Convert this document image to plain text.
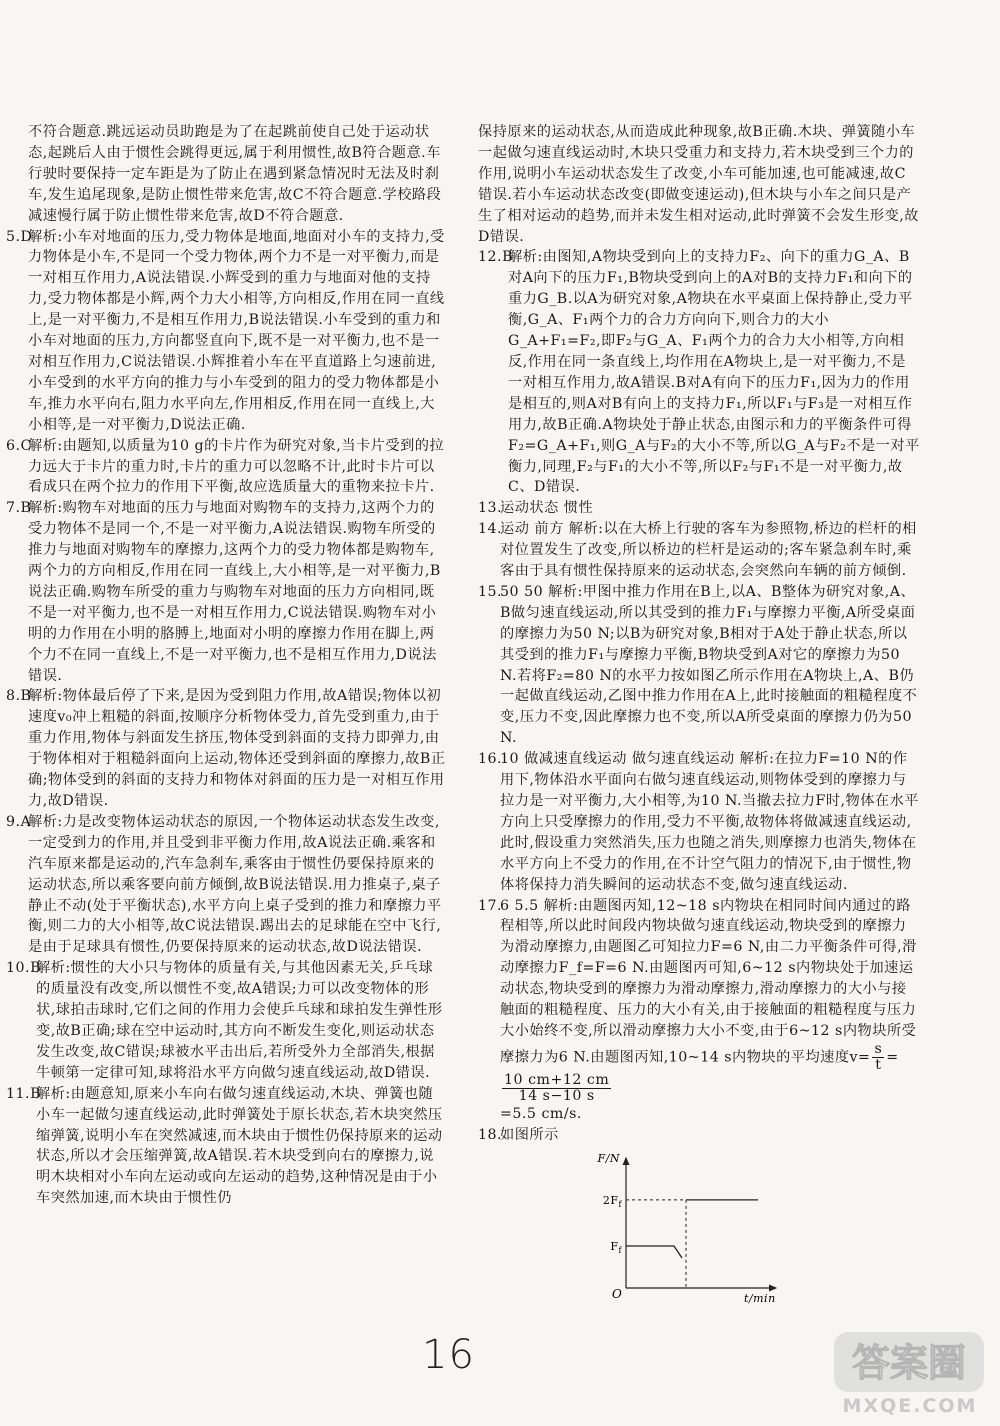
不符合题意.跳远运动员助跑是为了在起跳前使自己处于运动状态,起跳后人由于惯性会跳得更远,属于利用惯性,故B符合题意.车行驶时要保持一定车距是为了防止在遇到紧急情况时无法及时刹车,发生追尾现象,是防止惯性带来危害,故C不符合题意.学校路段减速慢行属于防止惯性带来危害,故D不符合题意.
5.D
解析:小车对地面的压力,受力物体是地面,地面对小车的支持力,受力物体是小车,不是同一个受力物体,两个力不是一对平衡力,而是一对相互作用力,A说法错误.小辉受到的重力与地面对他的支持力,受力物体都是小辉,两个力大小相等,方向相反,作用在同一直线上,是一对平衡力,不是相互作用力,B说法错误.小车受到的重力和小车对地面的压力,方向都竖直向下,既不是一对平衡力,也不是一对相互作用力,C说法错误.小辉推着小车在平直道路上匀速前进,小车受到的水平方向的推力与小车受到的阻力的受力物体都是小车,推力水平向右,阻力水平向左,作用相反,作用在同一直线上,大小相等,是一对平衡力,D说法正确.
6.C
解析:由题知,以质量为10 g的卡片作为研究对象,当卡片受到的拉力远大于卡片的重力时,卡片的重力可以忽略不计,此时卡片可以看成只在两个拉力的作用下平衡,故应选质量大的重物来拉卡片.
7.B
解析:购物车对地面的压力与地面对购物车的支持力,这两个力的受力物体不是同一个,不是一对平衡力,A说法错误.购物车所受的推力与地面对购物车的摩擦力,这两个力的受力物体都是购物车,两个力的方向相反,作用在同一直线上,大小相等,是一对平衡力,B说法正确.购物车所受的重力与购物车对地面的压力方向相同,既不是一对平衡力,也不是一对相互作用力,C说法错误.购物车对小明的力作用在小明的胳膊上,地面对小明的摩擦力作用在脚上,两个力不在同一直线上,不是一对平衡力,也不是相互作用力,D说法错误.
8.B
解析:物体最后停了下来,是因为受到阻力作用,故A错误;物体以初速度v₀冲上粗糙的斜面,按顺序分析物体受力,首先受到重力,由于重力作用,物体与斜面发生挤压,物体受到斜面的支持力即弹力,由于物体相对于粗糙斜面向上运动,物体还受到斜面的摩擦力,故B正确;物体受到的斜面的支持力和物体对斜面的压力是一对相互作用力,故D错误.
9.A
解析:力是改变物体运动状态的原因,一个物体运动状态发生改变,一定受到力的作用,并且受到非平衡力作用,故A说法正确.乘客和汽车原来都是运动的,汽车急刹车,乘客由于惯性仍要保持原来的运动状态,所以乘客要向前方倾倒,故B说法错误.用力推桌子,桌子静止不动(处于平衡状态),水平方向上桌子受到的推力和摩擦力平衡,则二力的大小相等,故C说法错误.踢出去的足球能在空中飞行,是由于足球具有惯性,仍要保持原来的运动状态,故D说法错误.
10.B
解析:惯性的大小只与物体的质量有关,与其他因素无关,乒乓球的质量没有改变,所以惯性不变,故A错误;力可以改变物体的形状,球拍击球时,它们之间的作用力会使乒乓球和球拍发生弹性形变,故B正确;球在空中运动时,其方向不断发生变化,则运动状态发生改变,故C错误;球被水平击出后,若所受外力全部消失,根据牛顿第一定律可知,球将沿水平方向做匀速直线运动,故D错误.
11.B
解析:由题意知,原来小车向右做匀速直线运动,木块、弹簧也随小车一起做匀速直线运动,此时弹簧处于原长状态,若木块突然压缩弹簧,说明小车在突然减速,而木块由于惯性仍保持原来的运动状态,所以才会压缩弹簧,故A错误.若木块受到向右的摩擦力,说明木块相对小车向左运动或向左运动的趋势,这种情况是由于小车突然加速,而木块由于惯性仍
保持原来的运动状态,从而造成此种现象,故B正确.木块、弹簧随小车一起做匀速直线运动时,木块只受重力和支持力,若木块受到三个力的作用,说明小车运动状态发生了改变,小车可能加速,也可能减速,故C错误.若小车运动状态改变(即做变速运动),但木块与小车之间只是产生了相对运动的趋势,而并未发生相对运动,此时弹簧不会发生形变,故D错误.
12.B
解析:由图知,A物块受到向上的支持力F₂、向下的重力G_A、B对A向下的压力F₁,B物块受到向上的A对B的支持力F₁和向下的重力G_B.以A为研究对象,A物块在水平桌面上保持静止,受力平衡,G_A、F₁两个力的合力方向向下,则合力的大小G_A+F₁=F₂,即F₂与G_A、F₁两个力的合力大小相等,方向相反,作用在同一条直线上,均作用在A物块上,是一对平衡力,不是一对相互作用力,故A错误.B对A有向下的压力F₁,因为力的作用是相互的,则A对B有向上的支持力F₁,所以F₁与F₃是一对相互作用力,故B正确.A物块处于静止状态,由图示和力的平衡条件可得F₂=G_A+F₁,则G_A与F₂的大小不等,所以G_A与F₂不是一对平衡力,同理,F₂与F₁的大小不等,所以F₂与F₁不是一对平衡力,故C、D错误.
13.
运动状态 惯性
14.
运动 前方 解析:以在大桥上行驶的客车为参照物,桥边的栏杆的相对位置发生了改变,所以桥边的栏杆是运动的;客车紧急刹车时,乘客由于具有惯性保持原来的运动状态,会突然向车辆的前方倾倒.
15.
50 50 解析:甲图中推力作用在B上,以A、B整体为研究对象,A、B做匀速直线运动,所以其受到的推力F₁与摩擦力平衡,A所受桌面的摩擦力为50 N;以B为研究对象,B相对于A处于静止状态,所以其受到的推力F₁与摩擦力平衡,B物块受到A对它的摩擦力为50 N.若将F₂=80 N的水平力按如图乙所示作用在A物块上,A、B仍一起做直线运动,乙图中推力作用在A上,此时接触面的粗糙程度不变,压力不变,因此摩擦力也不变,所以A所受桌面的摩擦力仍为50 N.
16.
10 做减速直线运动 做匀速直线运动 解析:在拉力F=10 N的作用下,物体沿水平面向右做匀速直线运动,则物体受到的摩擦力与拉力是一对平衡力,大小相等,为10 N.当撤去拉力F时,物体在水平方向上只受摩擦力的作用,受力不平衡,故物体将做减速直线运动,此时,假设重力突然消失,压力也随之消失,则摩擦力也消失,物体在水平方向上不受力的作用,在不计空气阻力的情况下,由于惯性,物体将保持力消失瞬间的运动状态不变,做匀速直线运动.
17.
6 5.5 解析:由题图丙知,12~18 s内物块在相同时间内通过的路程相等,所以此时间段内物块做匀速直线运动,物块受到的摩擦力为滑动摩擦力,由题图乙可知拉力F=6 N,由二力平衡条件可得,滑动摩擦力F_f=F=6 N.由题图丙可知,6~12 s内物块处于加速运动状态,物块受到的摩擦力为滑动摩擦力,滑动摩擦力的大小与接触面的粗糙程度、压力的大小有关,由于接触面的粗糙程度与压力大小始终不变,所以滑动摩擦力大小不变,由于6~12 s内物块所受摩擦力为6 N.由题图丙知,10~14 s内物块的平均速度$v= \frac{s}{t}$ =
$\frac{10 cm+12 cm}{14 s-10 s}$

=5.5 cm/s.
18.
如图所示
F/N
t/min
O
$2F_f$
$F_f$
16	答案圈
MXQE.COM
